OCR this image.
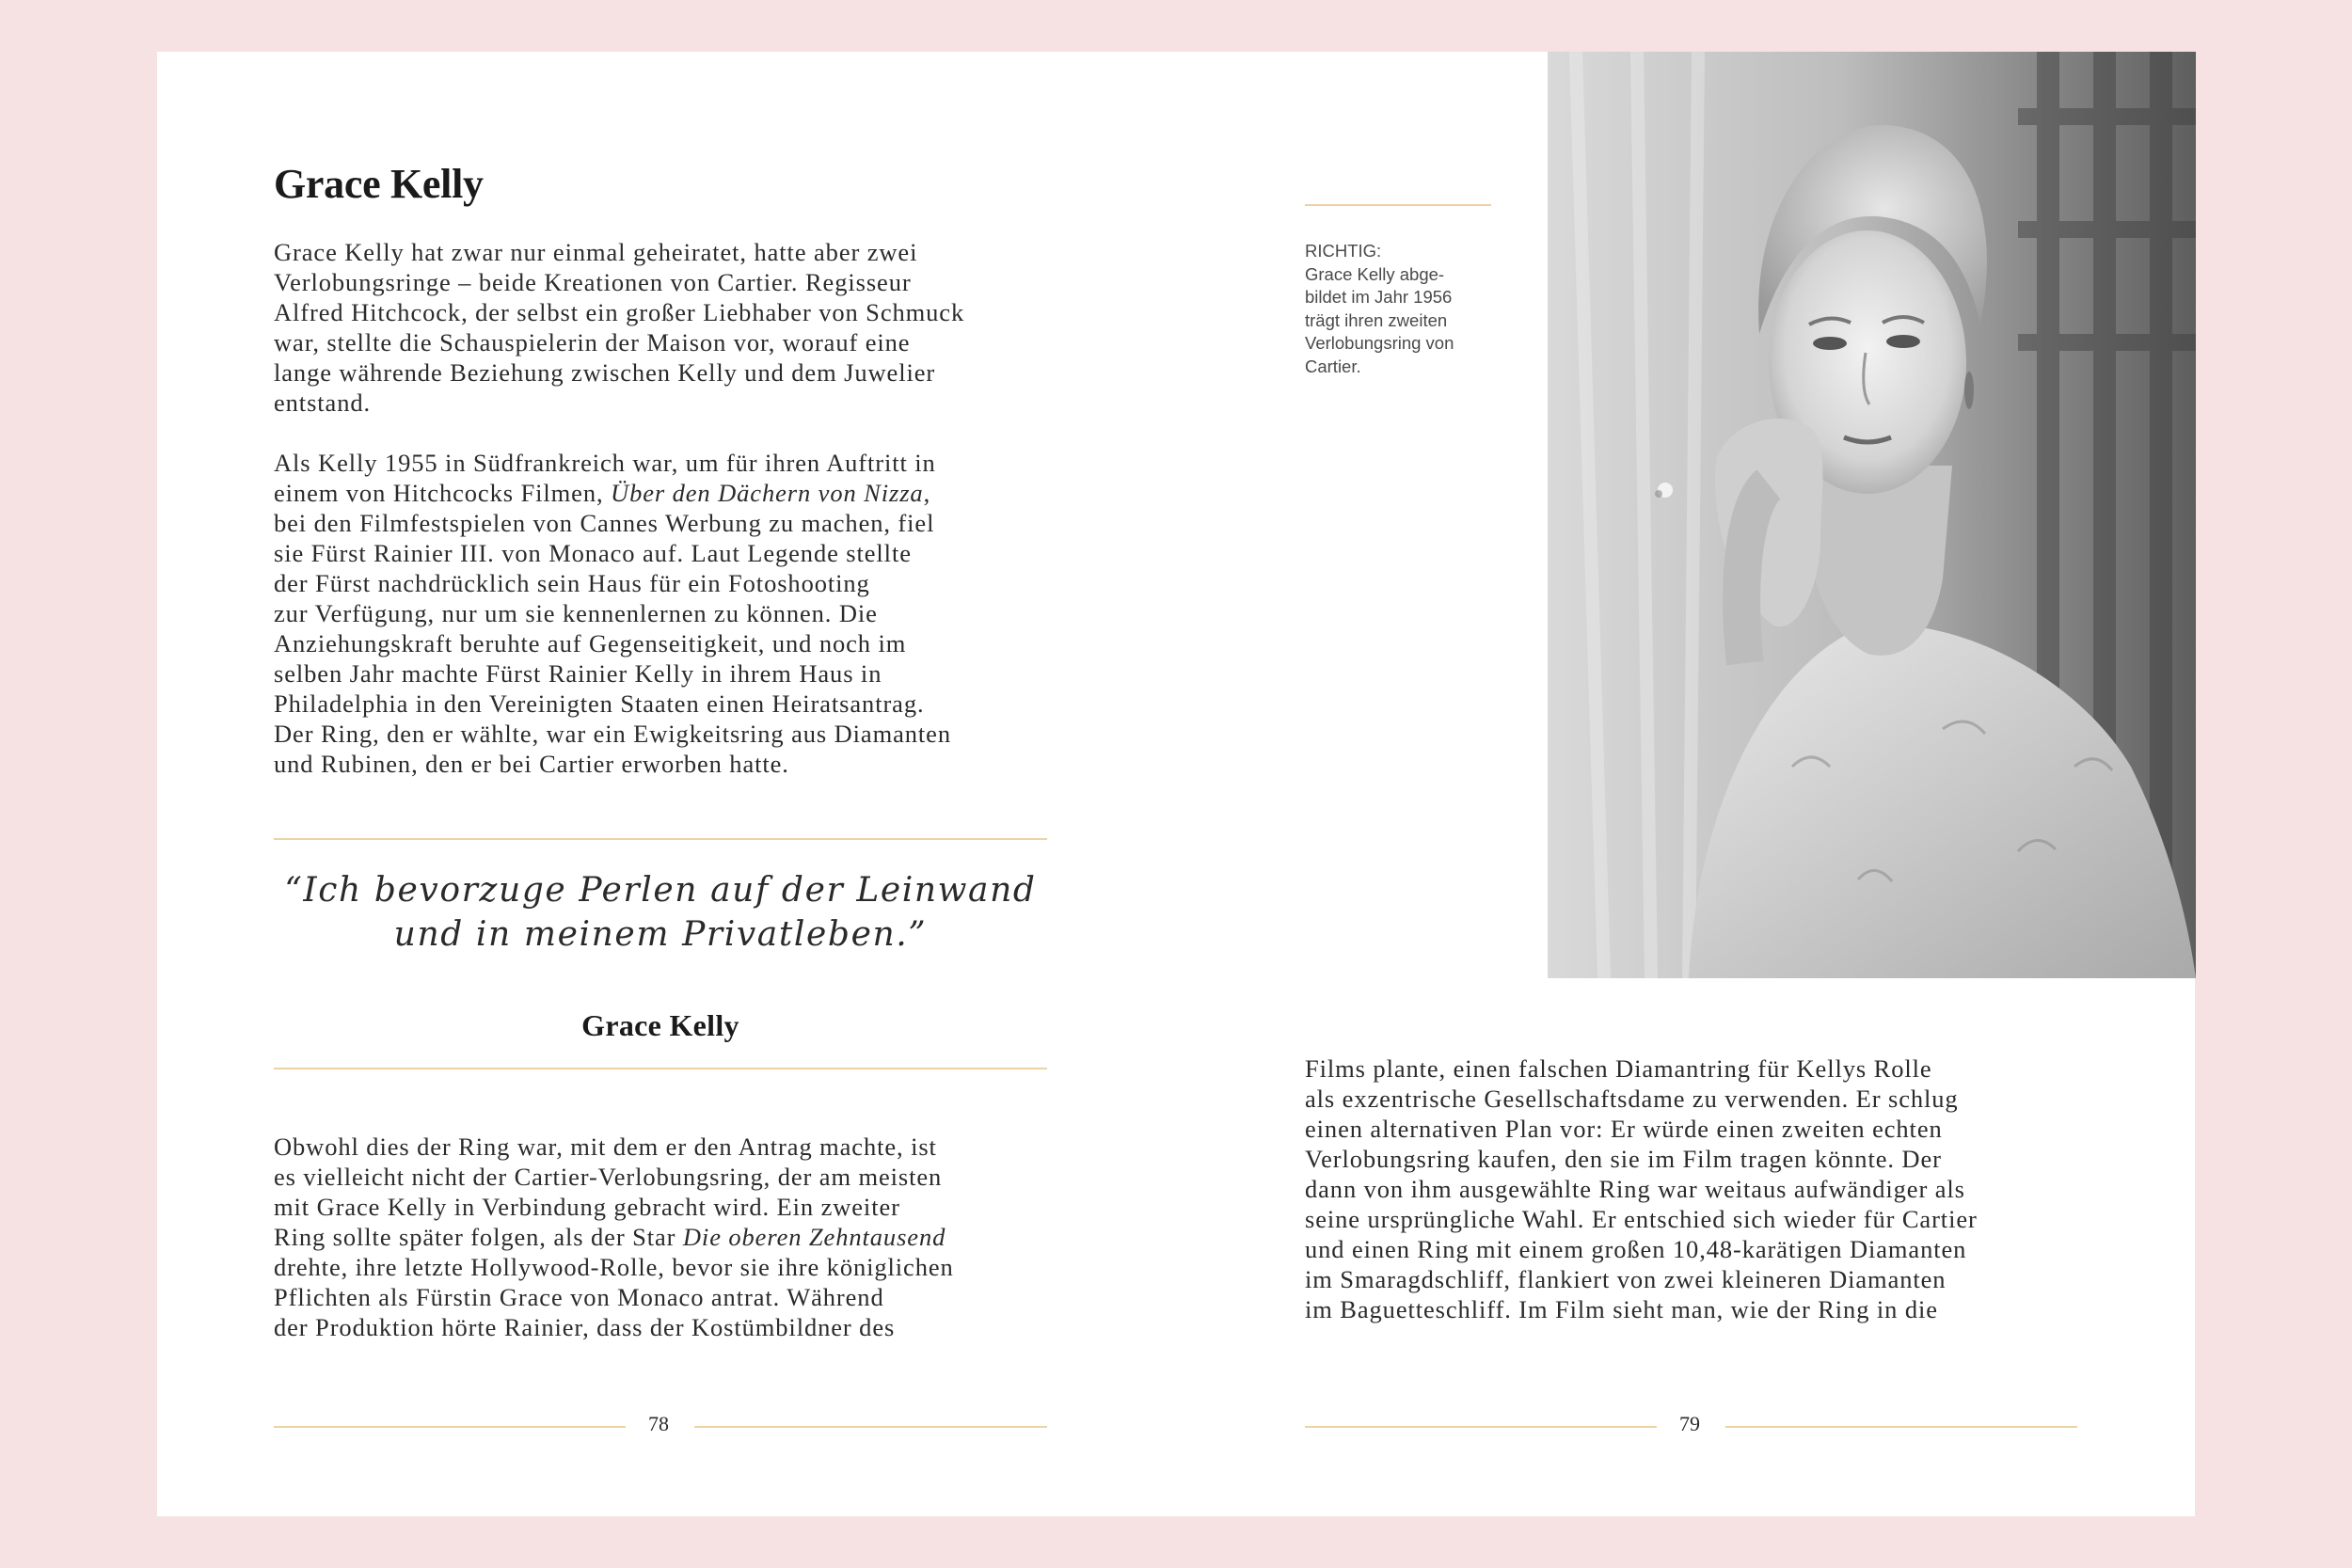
Grace Kelly
Grace Kelly hat zwar nur einmal geheiratet, hatte aber zwei
Verlobungsringe – beide Kreationen von Cartier. Regisseur
Alfred Hitchcock, der selbst ein großer Liebhaber von Schmuck
war, stellte die Schauspielerin der Maison vor, worauf eine
lange währende Beziehung zwischen Kelly und dem Juwelier
entstand.
Als Kelly 1955 in Südfrankreich war, um für ihren Auftritt in
einem von Hitchcocks Filmen, Über den Dächern von Nizza,
bei den Filmfestspielen von Cannes Werbung zu machen, fiel
sie Fürst Rainier III. von Monaco auf. Laut Legende stellte
der Fürst nachdrücklich sein Haus für ein Fotoshooting
zur Verfügung, nur um sie kennenlernen zu können. Die
Anziehungskraft beruhte auf Gegenseitigkeit, und noch im
selben Jahr machte Fürst Rainier Kelly in ihrem Haus in
Philadelphia in den Vereinigten Staaten einen Heiratsantrag.
Der Ring, den er wählte, war ein Ewigkeitsring aus Diamanten
und Rubinen, den er bei Cartier erworben hatte.
“Ich bevorzuge Perlen auf der Leinwand
und in meinem Privatleben.”
Grace Kelly
Obwohl dies der Ring war, mit dem er den Antrag machte, ist
es vielleicht nicht der Cartier-Verlobungsring, der am meisten
mit Grace Kelly in Verbindung gebracht wird. Ein zweiter
Ring sollte später folgen, als der Star Die oberen Zehntausend
drehte, ihre letzte Hollywood-Rolle, bevor sie ihre königlichen
Pflichten als Fürstin Grace von Monaco antrat. Während
der Produktion hörte Rainier, dass der Kostümbildner des
78
RICHTIG:
Grace Kelly abge-
bildet im Jahr 1956
trägt ihren zweiten
Verlobungsring von
Cartier.
Films plante, einen falschen Diamantring für Kellys Rolle
als exzentrische Gesellschaftsdame zu verwenden. Er schlug
einen alternativen Plan vor: Er würde einen zweiten echten
Verlobungsring kaufen, den sie im Film tragen könnte. Der
dann von ihm ausgewählte Ring war weitaus aufwändiger als
seine ursprüngliche Wahl. Er entschied sich wieder für Cartier
und einen Ring mit einem großen 10,48-karätigen Diamanten
im Smaragdschliff, flankiert von zwei kleineren Diamanten
im Baguetteschliff. Im Film sieht man, wie der Ring in die
79
